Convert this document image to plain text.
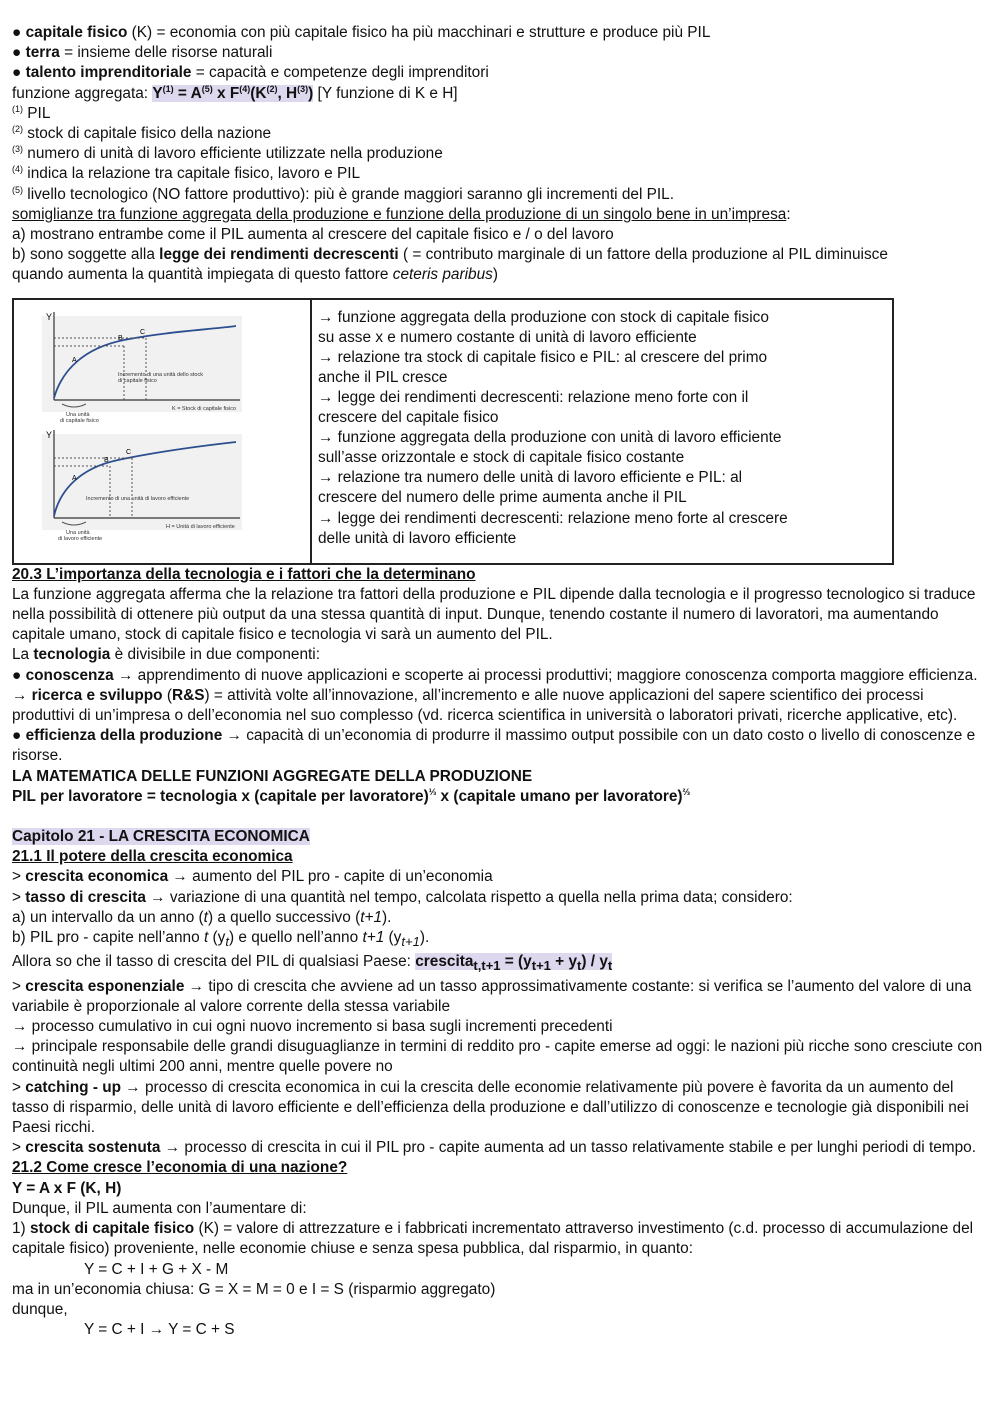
● capitale fisico (K) = economia con più capitale fisico ha più macchinari e strutture e produce più PIL
● terra = insieme delle risorse naturali
● talento imprenditoriale = capacità e competenze degli imprenditori
funzione aggregata: Y$^{(1)}$ = A$^{(5)}$ x F$^{(4)}$(K$^{(2)}$, H$^{(3)}$) [Y funzione di K e H]
$^{(1)}$ PIL
$^{(2)}$ stock di capitale fisico della nazione
$^{(3)}$ numero di unità di lavoro efficiente utilizzate nella produzione
$^{(4)}$ indica la relazione tra capitale fisico, lavoro e PIL
$^{(5)}$ livello tecnologico (NO fattore produttivo): più è grande maggiori saranno gli incrementi del PIL.
somiglianze tra funzione aggregata della produzione e funzione della produzione di un singolo bene in un’impresa:
a) mostrano entrambe come il PIL aumenta al crescere del capitale fisico e / o del lavoro
b) sono soggette alla legge dei rendimenti decrescenti ( = contributo marginale di un fattore della produzione al PIL diminuisce
quando aumenta la quantità impiegata di questo fattore ceteris paribus)
Y
B
C
A
Incremento di una unità dello stock
di capitale fisico
K = Stock di capitale fisico
Una unità
di capitale fisico
Y
A
B
C
Incremento di una unità di lavoro efficiente
H = Unità di lavoro efficiente
Una unità
di lavoro efficiente
→ funzione aggregata della produzione con stock di capitale fisico
su asse x e numero costante di unità di lavoro efficiente
→ relazione tra stock di capitale fisico e PIL: al crescere del primo
anche il PIL cresce
→ legge dei rendimenti decrescenti: relazione meno forte con il
crescere del capitale fisico
→ funzione aggregata della produzione con unità di lavoro efficiente
sull’asse orizzontale e stock di capitale fisico costante
→ relazione tra numero delle unità di lavoro efficiente e PIL: al
crescere del numero delle prime aumenta anche il PIL
→ legge dei rendimenti decrescenti: relazione meno forte al crescere
delle unità di lavoro efficiente
20.3 L’importanza della tecnologia e i fattori che la determinano
La funzione aggregata afferma che la relazione tra fattori della produzione e PIL dipende dalla tecnologia e il progresso tecnologico si traduce nella possibilità di ottenere più output da una stessa quantità di input. Dunque, tenendo costante il numero di lavoratori, ma aumentando capitale umano, stock di capitale fisico e tecnologia vi sarà un aumento del PIL.
La tecnologia è divisibile in due componenti:
● conoscenza → apprendimento di nuove applicazioni e scoperte ai processi produttivi; maggiore conoscenza comporta maggiore efficienza.
→ ricerca e sviluppo (R&S) = attività volte all’innovazione, all’incremento e alle nuove applicazioni del sapere scientifico dei processi produttivi di un’impresa o dell’economia nel suo complesso (vd. ricerca scientifica in università o laboratori privati, ricerche applicative, etc).
● efficienza della produzione → capacità di un’economia di produrre il massimo output possibile con un dato costo o livello di conoscenze e risorse.
LA MATEMATICA DELLE FUNZIONI AGGREGATE DELLA PRODUZIONE
PIL per lavoratore = tecnologia x (capitale per lavoratore)$^{\frac{1}{3}}$ x (capitale umano per lavoratore)$^{\frac{2}{3}}$
Capitolo 21 - LA CRESCITA ECONOMICA
21.1 Il potere della crescita economica
> crescita economica → aumento del PIL pro - capite di un’economia
> tasso di crescita → variazione di una quantità nel tempo, calcolata rispetto a quella nella prima data; considero:
a) un intervallo da un anno (t) a quello successivo (t+1).
b) PIL pro - capite nell’anno t $(y_t)$ e quello nell’anno t+1 $(y_{t+1})$.
Allora so che il tasso di crescita del PIL di qualsiasi Paese: crescita$_{t,t+1}$ = $(y_{t+1} + y_t) / y_t$
> crescita esponenziale → tipo di crescita che avviene ad un tasso approssimativamente costante: si verifica se l’aumento del valore di una variabile è proporzionale al valore corrente della stessa variabile
→ processo cumulativo in cui ogni nuovo incremento si basa sugli incrementi precedenti
→ principale responsabile delle grandi disuguaglianze in termini di reddito pro - capite emerse ad oggi: le nazioni più ricche sono cresciute con continuità negli ultimi 200 anni, mentre quelle povere no
> catching - up → processo di crescita economica in cui la crescita delle economie relativamente più povere è favorita da un aumento del tasso di risparmio, delle unità di lavoro efficiente e dell’efficienza della produzione e dall’utilizzo di conoscenze e tecnologie già disponibili nei Paesi ricchi.
> crescita sostenuta → processo di crescita in cui il PIL pro - capite aumenta ad un tasso relativamente stabile e per lunghi periodi di tempo.
21.2 Come cresce l’economia di una nazione?
Y = A x F (K, H)
Dunque, il PIL aumenta con l’aumentare di:
1) stock di capitale fisico (K) = valore di attrezzature e i fabbricati incrementato attraverso investimento (c.d. processo di accumulazione del capitale fisico) proveniente, nelle economie chiuse e senza spesa pubblica, dal risparmio, in quanto:
Y = C + I + G + X - M
ma in un’economia chiusa: G = X = M = 0 e I = S (risparmio aggregato)
dunque,
Y = C + I → Y = C + S
